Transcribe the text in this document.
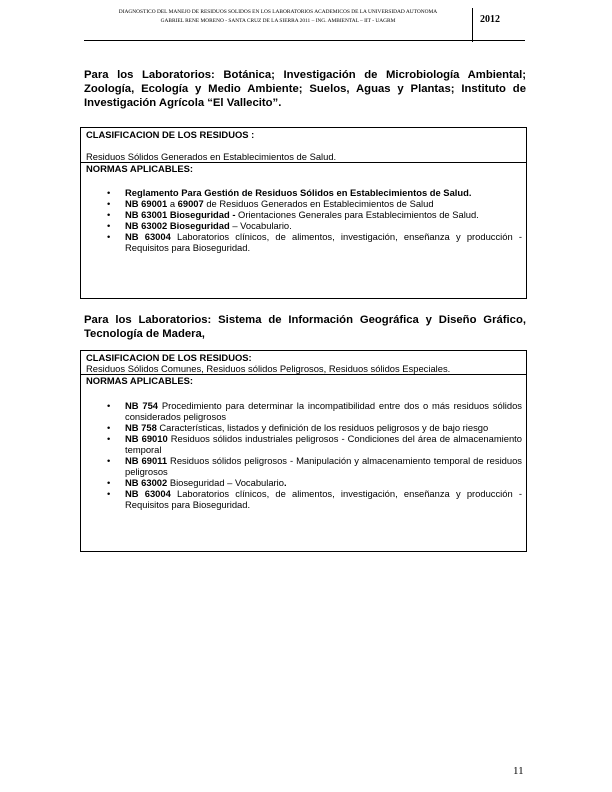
DIAGNOSTICO DEL MANEJO DE RESIDUOS SOLIDOS EN LOS LABORATORIOS ACADEMICOS DE LA UNIVERSIDAD AUTONOMA
GABRIEL RENE MORENO - SANTA CRUZ DE LA SIERRA 2011 – ING. AMBIENTAL – IIT - UAGRM	2012
Para los Laboratorios: Botánica; Investigación de Microbiología Ambiental; Zoología, Ecología y Medio Ambiente; Suelos, Aguas y Plantas; Instituto de Investigación Agrícola “El Vallecito”.
CLASIFICACION DE LOS RESIDUOS :
Residuos Sólidos Generados en Establecimientos de Salud.
NORMAS APLICABLES:
• Reglamento Para Gestión de Residuos Sólidos en Establecimientos de Salud.
• NB 69001 a 69007 de Residuos Generados en Establecimientos de Salud
• NB 63001 Bioseguridad - Orientaciones Generales para Establecimientos de Salud.
• NB 63002 Bioseguridad – Vocabulario.
• NB 63004 Laboratorios clínicos, de alimentos, investigación, enseñanza y producción - Requisitos para Bioseguridad.
Para los Laboratorios: Sistema de Información Geográfica y Diseño Gráfico, Tecnología de Madera,
CLASIFICACION DE LOS RESIDUOS:
Residuos Sólidos Comunes, Residuos sólidos Peligrosos, Residuos sólidos Especiales.
NORMAS APLICABLES:
• NB 754 Procedimiento para determinar la incompatibilidad entre dos o más residuos sólidos considerados peligrosos
• NB 758 Características, listados y definición de los residuos peligrosos y de bajo riesgo
• NB 69010 Residuos sólidos industriales peligrosos - Condiciones del área de almacenamiento temporal
• NB 69011 Residuos sólidos peligrosos - Manipulación y almacenamiento temporal de residuos peligrosos
• NB 63002 Bioseguridad – Vocabulario.
• NB 63004 Laboratorios clínicos, de alimentos, investigación, enseñanza y producción - Requisitos para Bioseguridad.
11
